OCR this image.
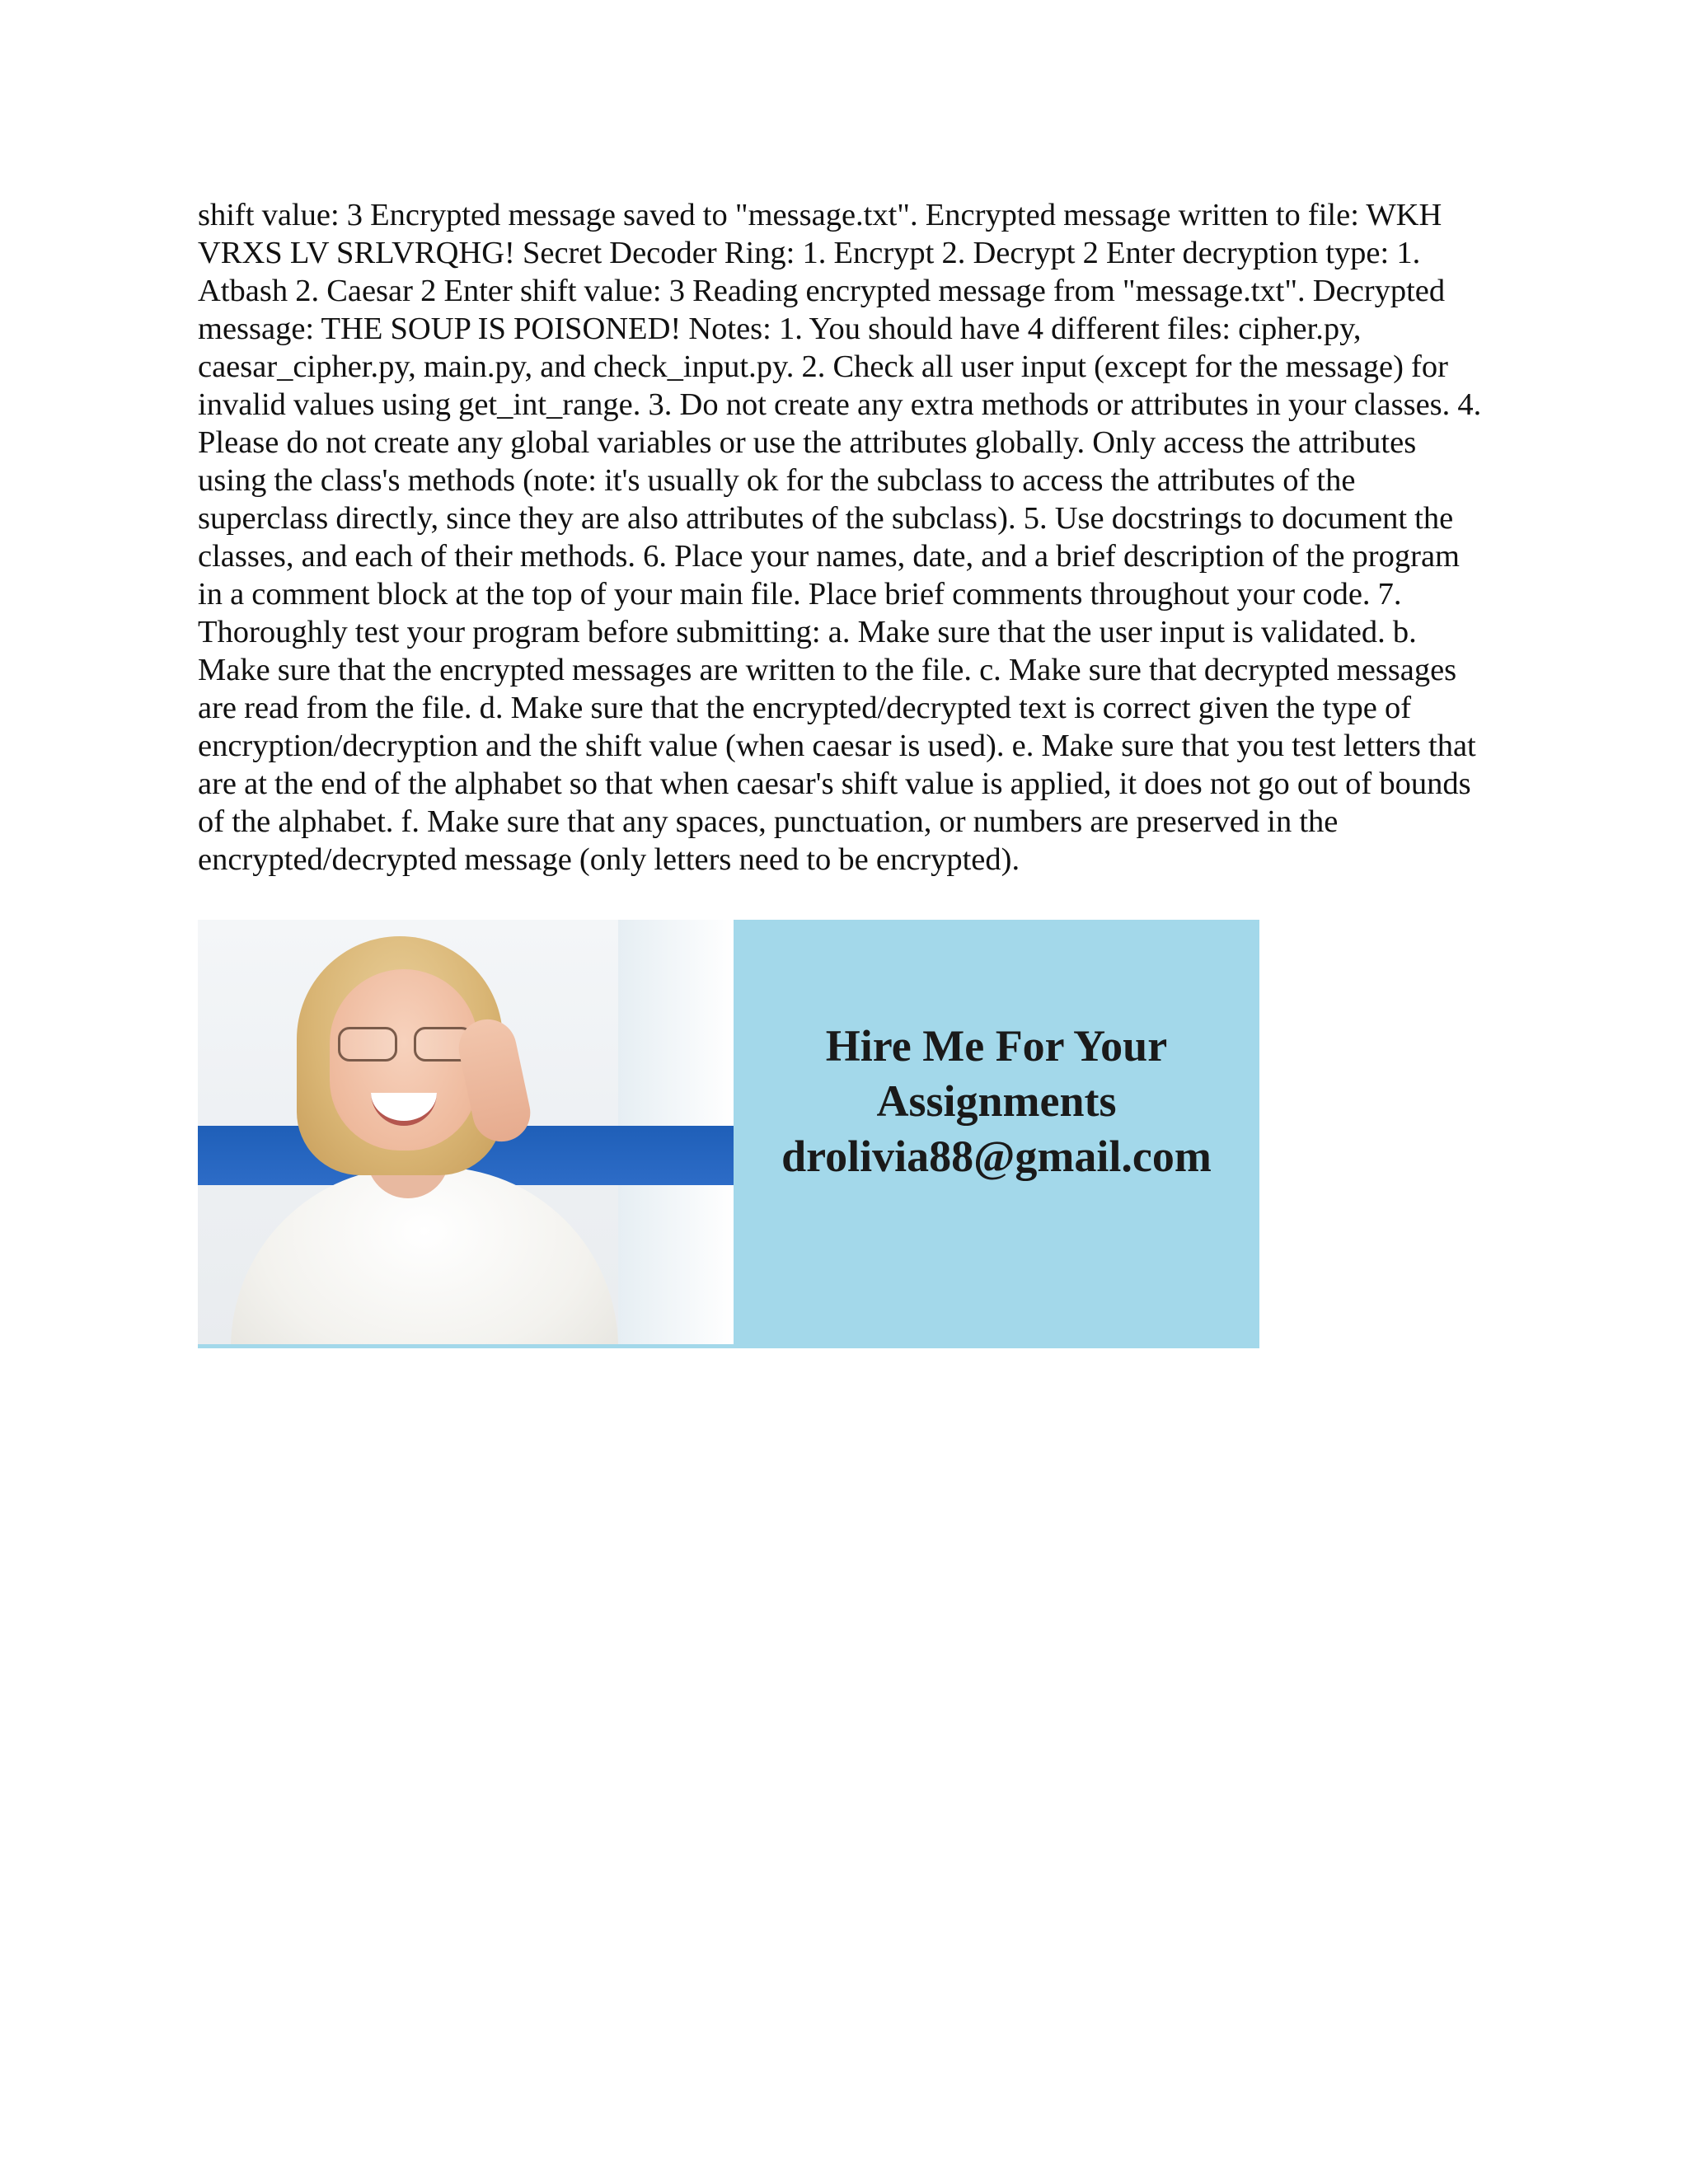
shift value: 3 Encrypted message saved to "message.txt". Encrypted message written to file: WKH VRXS LV SRLVRQHG! Secret Decoder Ring: 1. Encrypt 2. Decrypt 2 Enter decryption type: 1. Atbash 2. Caesar 2 Enter shift value: 3 Reading encrypted message from "message.txt". Decrypted message: THE SOUP IS POISONED! Notes: 1. You should have 4 different files: cipher.py, caesar_cipher.py, main.py, and check_input.py. 2. Check all user input (except for the message) for invalid values using get_int_range. 3. Do not create any extra methods or attributes in your classes. 4. Please do not create any global variables or use the attributes globally. Only access the attributes using the class's methods (note: it's usually ok for the subclass to access the attributes of the superclass directly, since they are also attributes of the subclass). 5. Use docstrings to document the classes, and each of their methods. 6. Place your names, date, and a brief description of the program in a comment block at the top of your main file. Place brief comments throughout your code. 7. Thoroughly test your program before submitting: a. Make sure that the user input is validated. b. Make sure that the encrypted messages are written to the file. c. Make sure that decrypted messages are read from the file. d. Make sure that the encrypted/decrypted text is correct given the type of encryption/decryption and the shift value (when caesar is used). e. Make sure that you test letters that are at the end of the alphabet so that when caesar's shift value is applied, it does not go out of bounds of the alphabet. f. Make sure that any spaces, punctuation, or numbers are preserved in the encrypted/decrypted message (only letters need to be encrypted).

Hire Me For Your
Assignments
drolivia88@gmail.com
